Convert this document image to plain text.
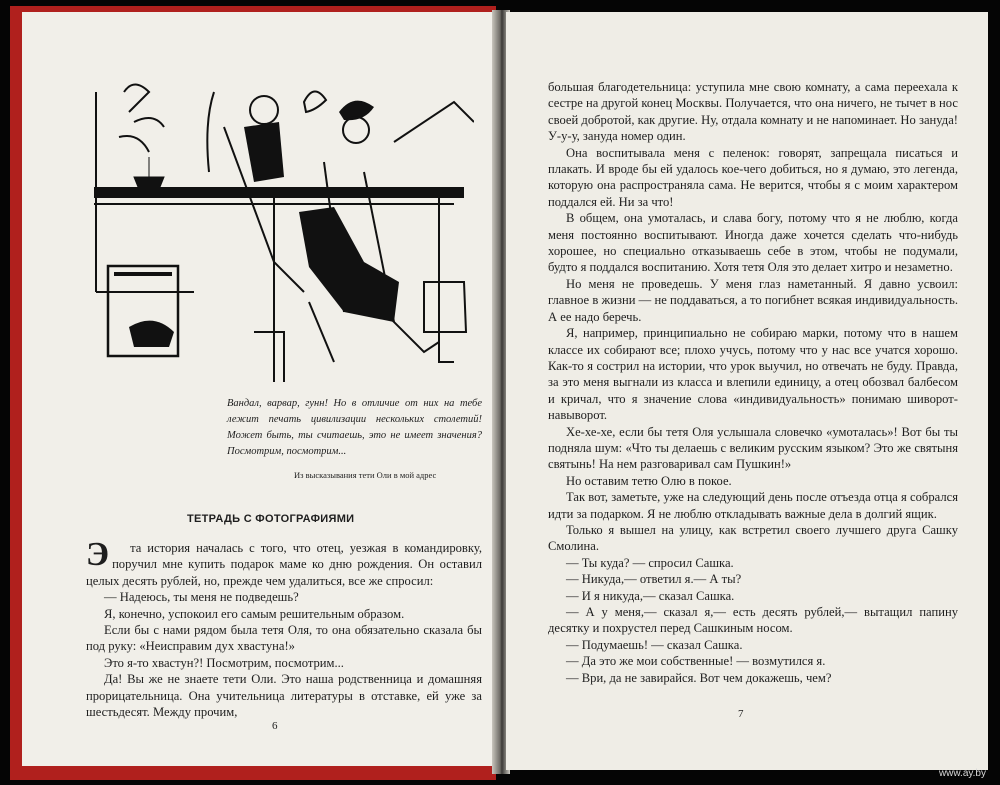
Вандал, варвар, гунн! Но в отличие от них на тебе лежит печать цивилизации нескольких столетий! Может быть, ты считаешь, это не имеет значения? Посмотрим, посмотрим...
Из высказывания тети Оли в мой адрес
ТЕТРАДЬ С ФОТОГРАФИЯМИ

Э та история началась с того, что отец, уезжая в командировку, поручил мне купить подарок маме ко дню рождения. Он оставил целых десять рублей, но, прежде чем удалиться, все же спросил:

— Надеюсь, ты меня не подведешь?

Я, конечно, успокоил его самым решительным образом.

Если бы с нами рядом была тетя Оля, то она обязательно сказала бы под руку: «Неисправим дух хвастуна!»

Это я-то хвастун?! Посмотрим, посмотрим...

Да! Вы же не знаете тети Оли. Это наша родственница и домашняя прорицательница. Она учительница литературы в отставке, ей уже за шестьдесят. Между прочим,

6

большая благодетельница: уступила мне свою комнату, а сама переехала к сестре на другой конец Москвы. Получается, что она ничего, не тычет в нос своей добротой, как другие. Ну, отдала комнату и не напоминает. Но зануда! У-у-у, зануда номер один.

Она воспитывала меня с пеленок: говорят, запрещала писаться и плакать. И вроде бы ей удалось кое-чего добиться, но я думаю, это легенда, которую она распространяла сама. Не верится, чтобы я с моим характером поддался ей. Ни за что!

В общем, она умоталась, и слава богу, потому что я не люблю, когда меня постоянно воспитывают. Иногда даже хочется сделать что-нибудь хорошее, но специально отказываешь себе в этом, чтобы не подумали, будто я поддался воспитанию. Хотя тетя Оля это делает хитро и незаметно.

Но меня не проведешь. У меня глаз наметанный. Я давно усвоил: главное в жизни — не поддаваться, а то погибнет всякая индивидуальность. А ее надо беречь.

Я, например, принципиально не собираю марки, потому что в нашем классе их собирают все; плохо учусь, потому что у нас все учатся хорошо. Как-то я сострил на истории, что урок выучил, но отвечать не буду. Правда, за это меня выгнали из класса и влепили единицу, а отец обозвал балбесом и кричал, что я значение слова «индивидуальность» понимаю шиворот-навыворот.

Хе-хе-хе, если бы тетя Оля услышала словечко «умоталась»! Вот бы ты подняла шум: «Что ты делаешь с великим русским языком? Это же святыня святынь! На нем разговаривал сам Пушкин!»

Но оставим тетю Олю в покое.

Так вот, заметьте, уже на следующий день после отъезда отца я собрался идти за подарком. Я не люблю откладывать важные дела в долгий ящик.

Только я вышел на улицу, как встретил своего лучшего друга Сашку Смолина.

— Ты куда? — спросил Сашка.

— Никуда,— ответил я.— А ты?

— И я никуда,— сказал Сашка.

— А у меня,— сказал я,— есть десять рублей,— вытащил папину десятку и похрустел перед Сашкиным носом.

— Подумаешь! — сказал Сашка.

— Да это же мои собственные! — возмутился я.

— Ври, да не завирайся. Вот чем докажешь, чем?

7
www.ay.by
